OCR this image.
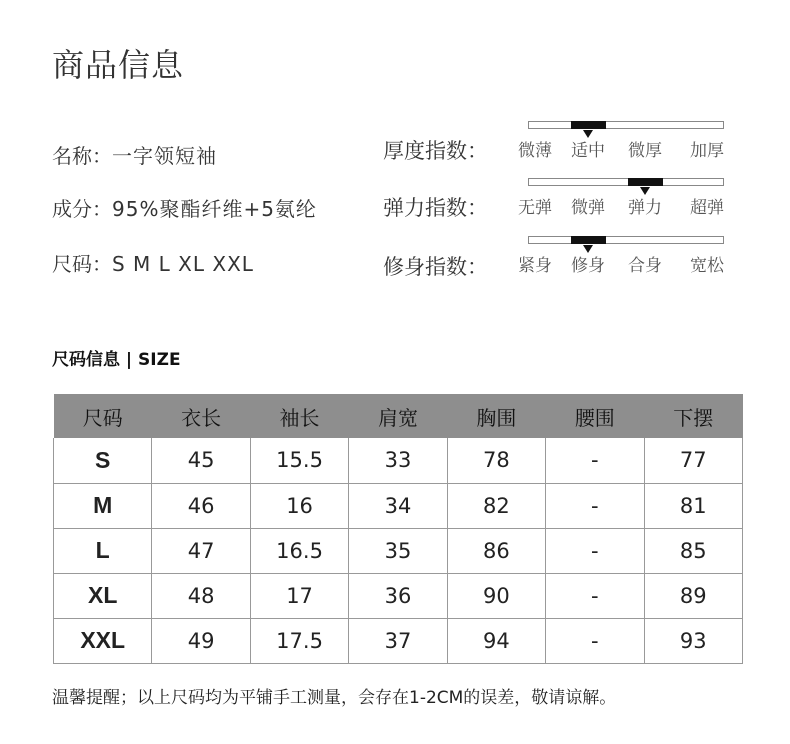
商品信息
名称：一字领短袖
成分：95%聚酯纤维+5氨纶
尺码：S M L XL XXL
厚度指数：
弹力指数：
修身指数：
微薄 适中 微厚 加厚
无弹 微弹 弹力 超弹
紧身 修身 合身 宽松
尺码信息 | SIZE
尺码	衣长	袖长	肩宽	胸围	腰围	下摆
S	45	15.5	33	78	-	77
M	46	16	34	82	-	81
L	47	16.5	35	86	-	85
XL	48	17	36	90	-	89
XXL	49	17.5	37	94	-	93
温馨提醒；以上尺码均为平铺手工测量，会存在1-2CM的误差，敬请谅解。
